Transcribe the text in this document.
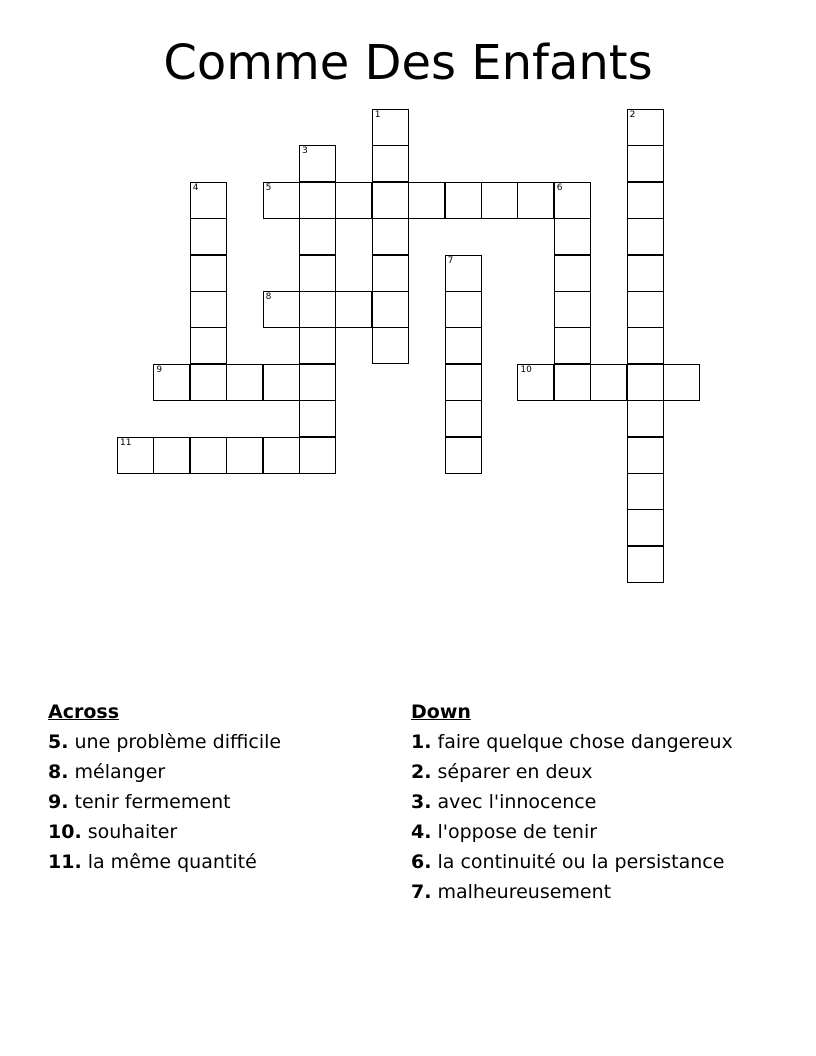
Comme Des Enfants
1	2
3
4	5	6
7
8
9	10
11
Across
5. une problème difficile
8. mélanger
9. tenir fermement
10. souhaiter
11. la même quantité
Down
1. faire quelque chose dangereux
2. séparer en deux
3. avec l'innocence
4. l'oppose de tenir
6. la continuité ou la persistance
7. malheureusement
